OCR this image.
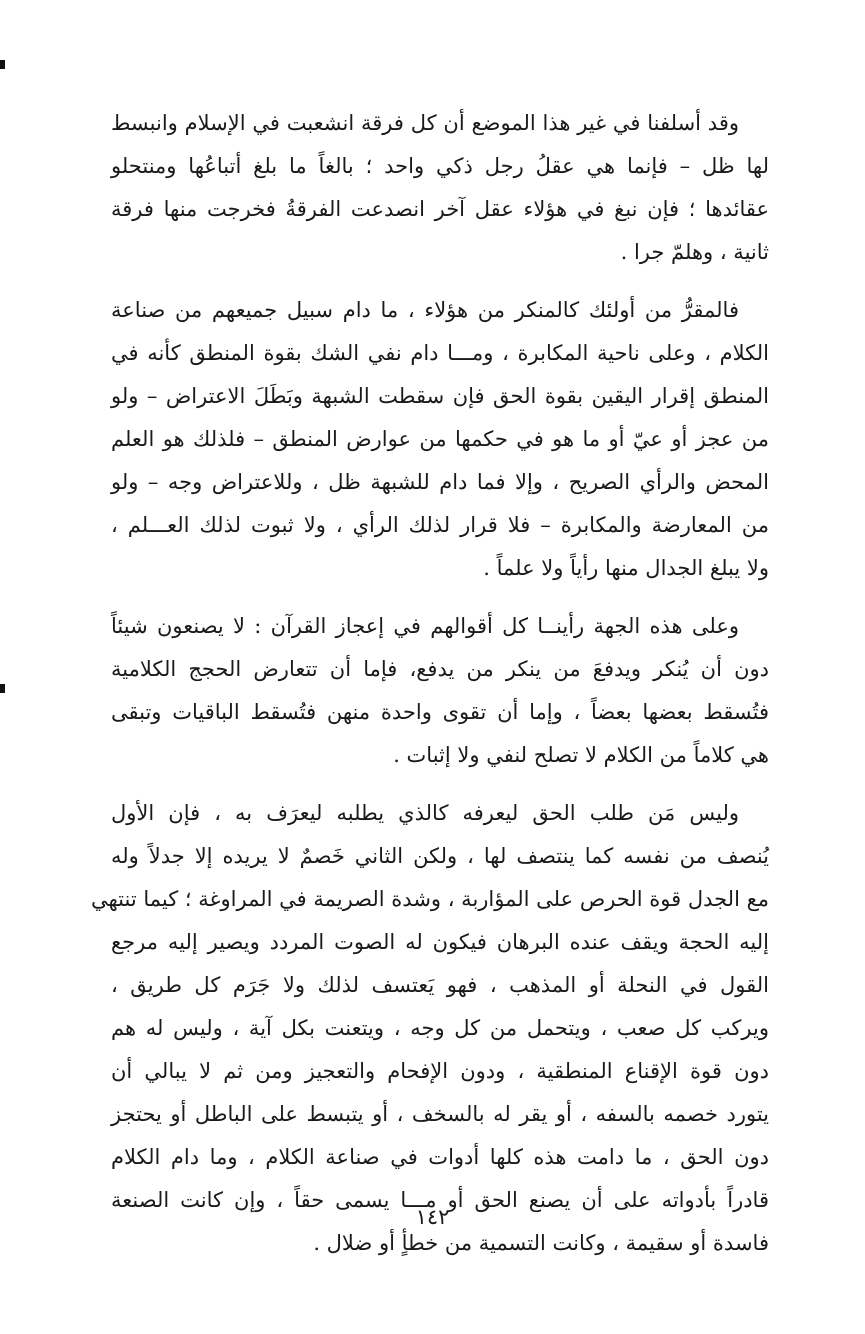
وقد أسلفنا في غير هذا الموضع أن كل فرقة انشعبت في الإسلام وانبسط
لها ظل – فإنما هي عقلُ رجل ذكي واحد ؛ بالغاً ما بلغ أتباعُها ومنتحلو
عقائدها ؛ فإن نبغ في هؤلاء عقل آخر انصدعت الفرقةُ فخرجت منها فرقة
ثانية ، وهلمّ جرا .

فالمقرُّ من أولئك كالمنكر من هؤلاء ، ما دام سبيل جميعهم من صناعة
الكلام ، وعلى ناحية المكابرة ، ومـــا دام نفي الشك بقوة المنطق كأنه في
المنطق إقرار اليقين بقوة الحق فإن سقطت الشبهة وبَطَلَ الاعتراض – ولو
من عجز أو عيّ أو ما هو في حكمها من عوارض المنطق – فلذلك هو العلم
المحض والرأي الصريح ، وإلا فما دام للشبهة ظل ، وللاعتراض وجه – ولو
من المعارضة والمكابرة – فلا قرار لذلك الرأي ، ولا ثبوت لذلك العـــلم ،
ولا يبلغ الجدال منها رأياً ولا علماً .

وعلى هذه الجهة رأينــا كل أقوالهم في إعجاز القرآن : لا يصنعون شيئاً
دون أن يُنكر ويدفعَ من ينكر من يدفع، فإما أن تتعارض الحجج الكلامية
فتُسقط بعضها بعضاً ، وإما أن تقوى واحدة منهن فتُسقط الباقيات وتبقى
هي كلاماً من الكلام لا تصلح لنفي ولا إثبات .

وليس مَن طلب الحق ليعرفه كالذي يطلبه ليعرَف به ، فإن الأول
يُنصف من نفسه كما ينتصف لها ، ولكن الثاني خَصمٌ لا يريده إلا جدلاً وله
مع الجدل قوة الحرص على المؤاربة ، وشدة الصريمة في المراوغة ؛ كيما تنتهي
إليه الحجة ويقف عنده البرهان فيكون له الصوت المردد ويصير إليه مرجع
القول في النحلة أو المذهب ، فهو يَعتسف لذلك ولا جَرَم كل طريق ،
ويركب كل صعب ، ويتحمل من كل وجه ، ويتعنت بكل آية ، وليس له هم
دون قوة الإقناع المنطقية ، ودون الإفحام والتعجيز ومن ثم لا يبالي أن
يتورد خصمه بالسفه ، أو يقر له بالسخف ، أو يتبسط على الباطل أو يحتجز
دون الحق ، ما دامت هذه كلها أدوات في صناعة الكلام ، وما دام الكلام
قادراً بأدواته على أن يصنع الحق أو مـــا يسمى حقاً ، وإن كانت الصنعة
فاسدة أو سقيمة ، وكانت التسمية من خطأٍ أو ضلال .

١٤٢
